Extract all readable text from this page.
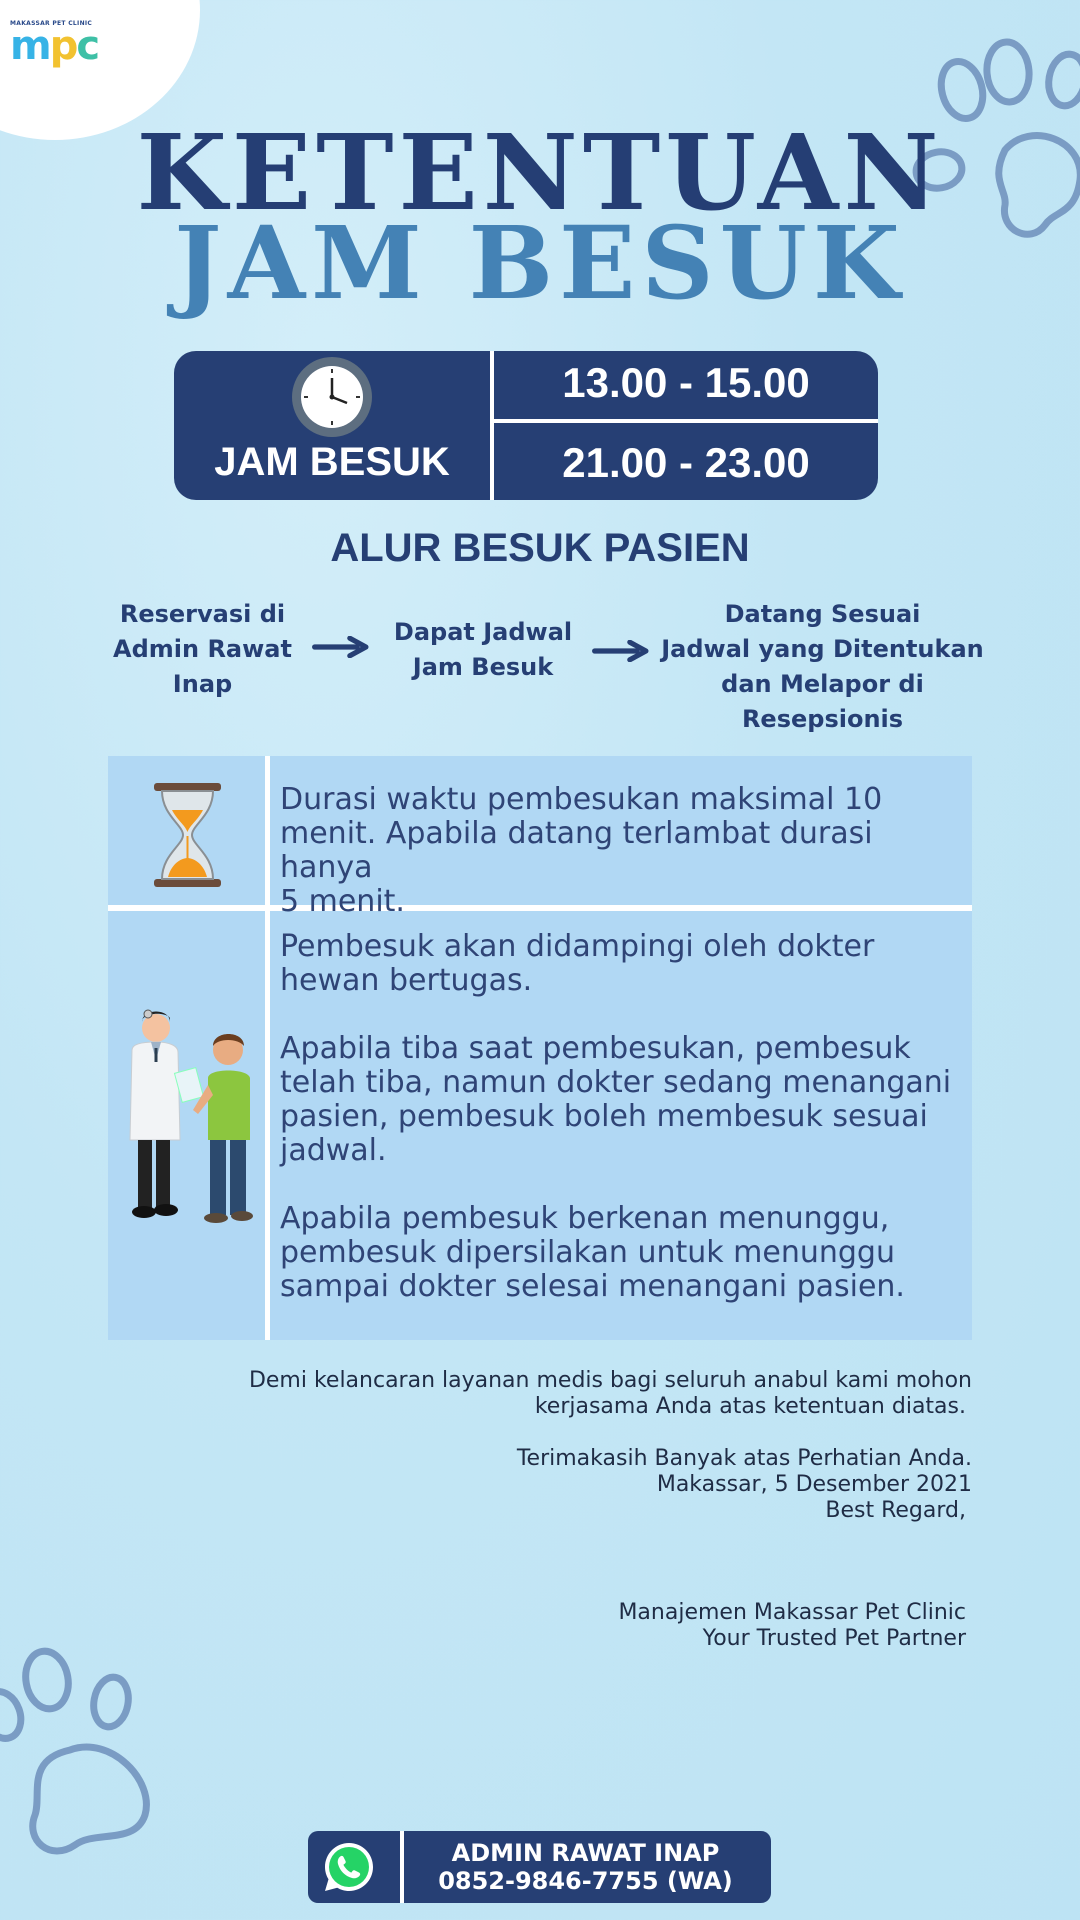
MAKASSAR PET CLINIC
mpc
KETENTUAN
JAM BESUK
JAM BESUK
13.00 - 15.00
21.00 - 23.00
ALUR BESUK PASIEN
Reservasi di
Admin Rawat
Inap
Dapat Jadwal
Jam Besuk
Datang Sesuai
Jadwal yang Ditentukan
dan Melapor di
Resepsionis
Durasi waktu pembesukan maksimal 10
menit. Apabila datang terlambat durasi hanya
5 menit.
Pembesuk akan didampingi oleh dokter
hewan bertugas.
Apabila tiba saat pembesukan, pembesuk
telah tiba, namun dokter sedang menangani
pasien, pembesuk boleh membesuk sesuai
jadwal.
Apabila pembesuk berkenan menunggu,
pembesuk dipersilakan untuk menunggu
sampai dokter selesai menangani pasien.
Demi kelancaran layanan medis bagi seluruh anabul kami mohon
kerjasama Anda atas ketentuan diatas.
Terimakasih Banyak atas Perhatian Anda.
Makassar, 5 Desember 2021
Best Regard,
Manajemen Makassar Pet Clinic
Your Trusted Pet Partner
ADMIN RAWAT INAP
0852-9846-7755 (WA)
